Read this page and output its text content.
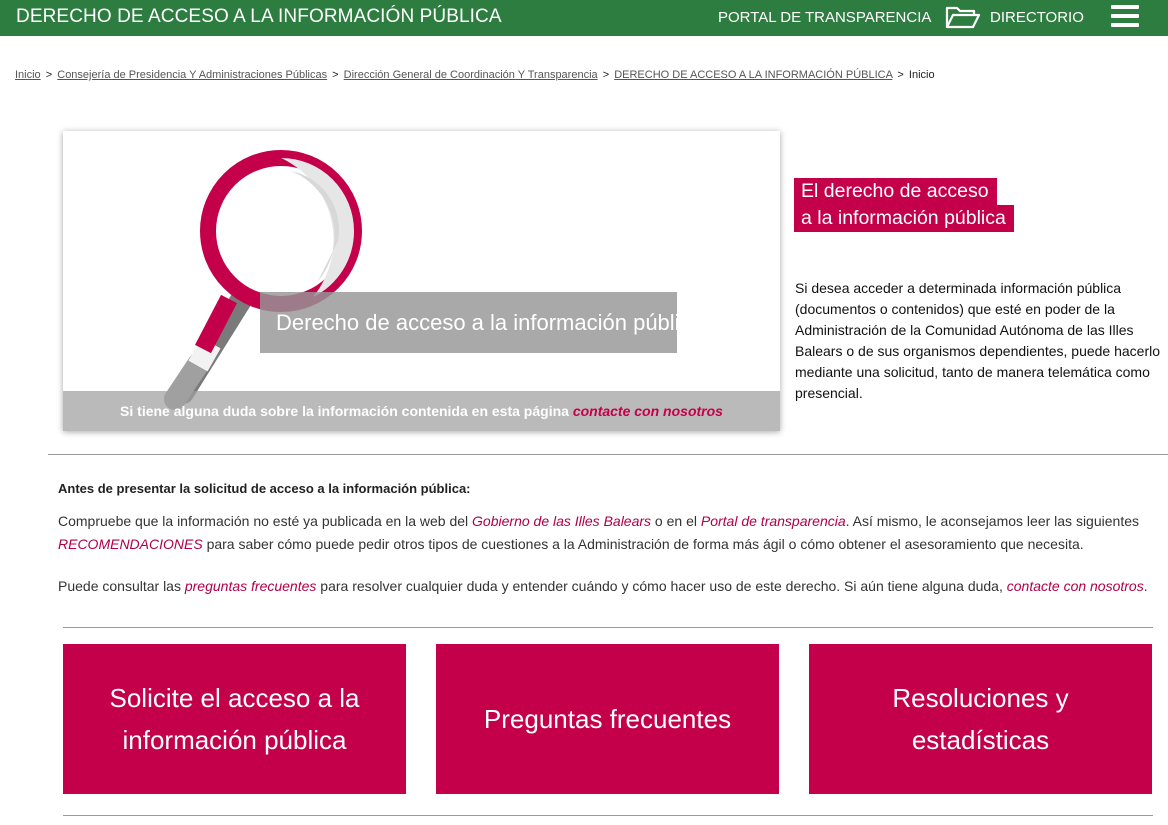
DERECHO DE ACCESO A LA INFORMACIÓN PÚBLICA	PORTAL DE TRANSPARENCIA	DIRECTORIO
Inicio > Consejería de Presidencia Y Administraciones Públicas > Dirección General de Coordinación Y Transparencia > DERECHO DE ACCESO A LA INFORMACIÓN PÚBLICA > Inicio
Derecho de acceso a la información pública
Si tiene alguna duda sobre la información contenida en esta página contacte con nosotros
El derecho de acceso
a la información pública

Si desea acceder a determinada información pública (documentos o contenidos) que esté en poder de la Administración de la Comunidad Autónoma de las Illes Balears o de sus organismos dependientes, puede hacerlo mediante una solicitud, tanto de manera telemática como presencial.

Antes de presentar la solicitud de acceso a la información pública:

Compruebe que la información no esté ya publicada en la web del Gobierno de las Illes Balears o en el Portal de transparencia. Así mismo, le aconsejamos leer las siguientes RECOMENDACIONES para saber cómo puede pedir otros tipos de cuestiones a la Administración de forma más ágil o cómo obtener el asesoramiento que necesita.

Puede consultar las preguntas frecuentes para resolver cualquier duda y entender cuándo y cómo hacer uso de este derecho. Si aún tiene alguna duda, contacte con nosotros.

Solicite el acceso a la información pública
Preguntas frecuentes
Resoluciones y estadísticas
